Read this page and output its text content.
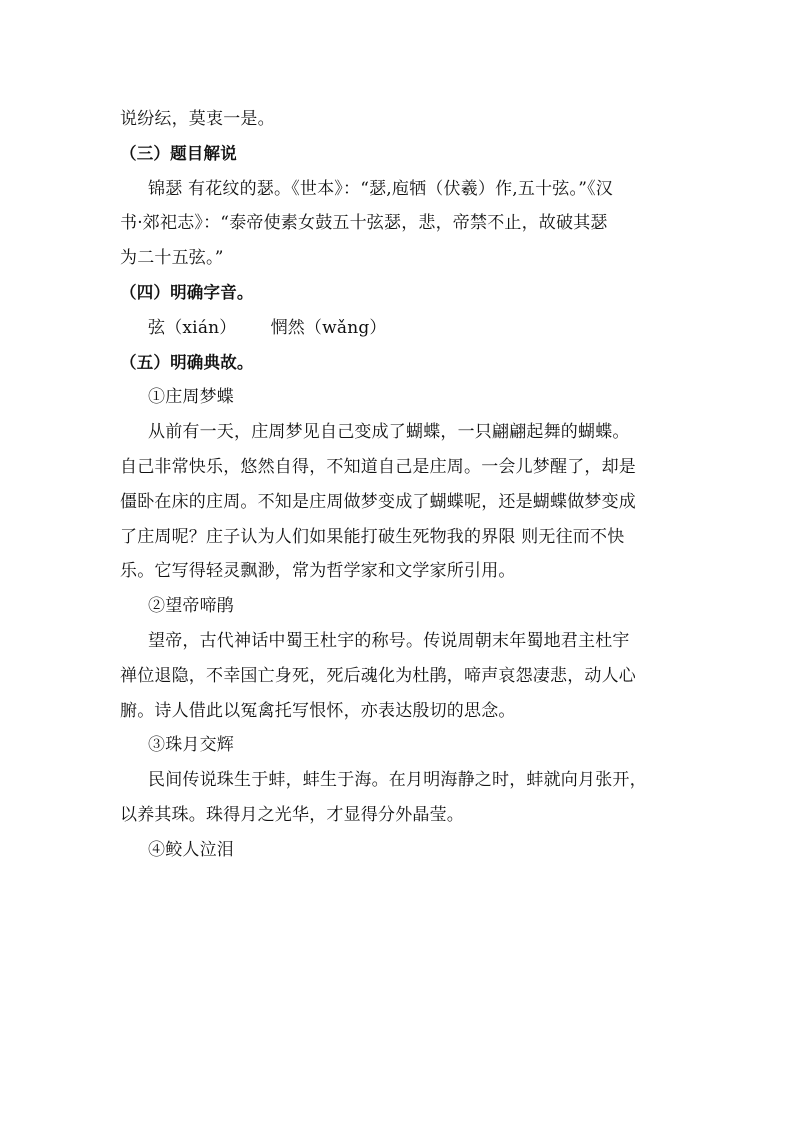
说纷纭，莫衷一是。
（三）题目解说
锦瑟 有花纹的瑟。《世本》：“瑟,庖牺（伏羲）作,五十弦。”《汉
书·郊祀志》：“泰帝使素女鼓五十弦瑟，悲，帝禁不止，故破其瑟
为二十五弦。”
（四）明确字音。
弦（xián） 惘然（wǎng）
（五）明确典故。
①庄周梦蝶
从前有一天，庄周梦见自己变成了蝴蝶，一只翩翩起舞的蝴蝶。
自己非常快乐，悠然自得，不知道自己是庄周。一会儿梦醒了，却是
僵卧在床的庄周。不知是庄周做梦变成了蝴蝶呢，还是蝴蝶做梦变成
了庄周呢？庄子认为人们如果能打破生死物我的界限 则无往而不快
乐。它写得轻灵飘渺，常为哲学家和文学家所引用。
②望帝啼鹃
望帝，古代神话中蜀王杜宇的称号。传说周朝末年蜀地君主杜宇
禅位退隐，不幸国亡身死，死后魂化为杜鹃，啼声哀怨凄悲，动人心
腑。诗人借此以冤禽托写恨怀，亦表达殷切的思念。
③珠月交辉
民间传说珠生于蚌，蚌生于海。在月明海静之时，蚌就向月张开，
以养其珠。珠得月之光华，才显得分外晶莹。
④鲛人泣泪
